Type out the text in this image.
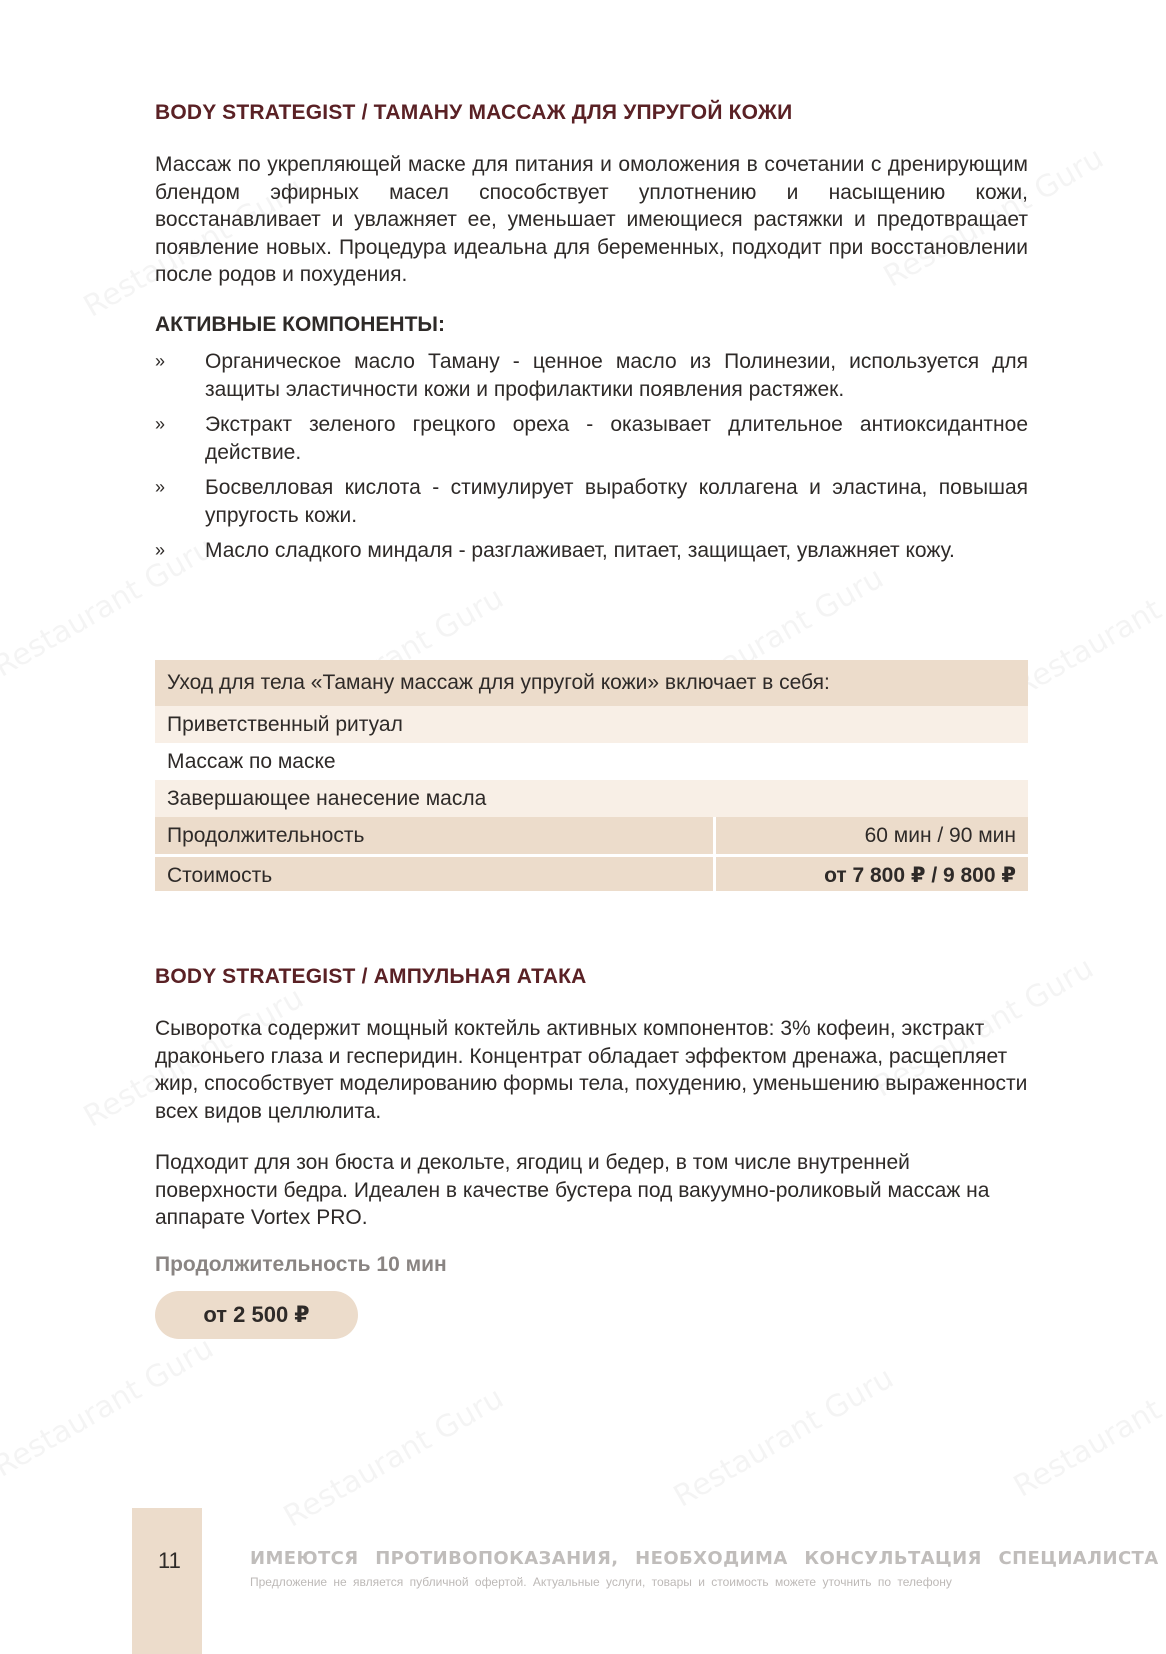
BODY STRATEGIST / ТАМАНУ МАССАЖ ДЛЯ УПРУГОЙ КОЖИ

Массаж по укрепляющей маске для питания и омоложения в сочетании с дренирующим блендом эфирных масел способствует уплотнению и насыщению кожи, восстанавливает и увлажняет ее, уменьшает имеющиеся растяжки и предотвращает появление новых. Процедура идеальна для беременных, подходит при восстановлении после родов и похудения.

АКТИВНЫЕ КОМПОНЕНТЫ:
» Органическое масло Таману - ценное масло из Полинезии, используется для защиты эластичности кожи и профилактики появления растяжек.
» Экстракт зеленого грецкого ореха - оказывает длительное антиоксидантное действие.
» Босвелловая кислота - стимулирует выработку коллагена и эластина, повышая упругость кожи.
» Масло сладкого миндаля - разглаживает, питает, защищает, увлажняет кожу.
Уход для тела «Таману массаж для упругой кожи» включает в себя:
Приветственный ритуал
Массаж по маске
Завершающее нанесение масла
Продолжительность	60 мин / 90 мин
Стоимость	от 7 800 ₽ / 9 800 ₽
BODY STRATEGIST / АМПУЛЬНАЯ АТАКА

Сыворотка содержит мощный коктейль активных компонентов: 3% кофеин, экстракт драконьего глаза и гесперидин. Концентрат обладает эффектом дренажа, расщепляет жир, способствует моделированию формы тела, похудению, уменьшению выраженности всех видов целлюлита.

Подходит для зон бюста и декольте, ягодиц и бедер, в том числе внутренней поверхности бедра. Идеален в качестве бустера под вакуумно-роликовый массаж на аппарате Vortex PRO.

Продолжительность 10 мин
от 2 500 ₽
11	ИМЕЮТСЯ ПРОТИВОПОКАЗАНИЯ, НЕОБХОДИМА КОНСУЛЬТАЦИЯ СПЕЦИАЛИСТА
Предложение не является публичной офертой. Актуальные услуги, товары и стоимость можете уточнить по телефону
